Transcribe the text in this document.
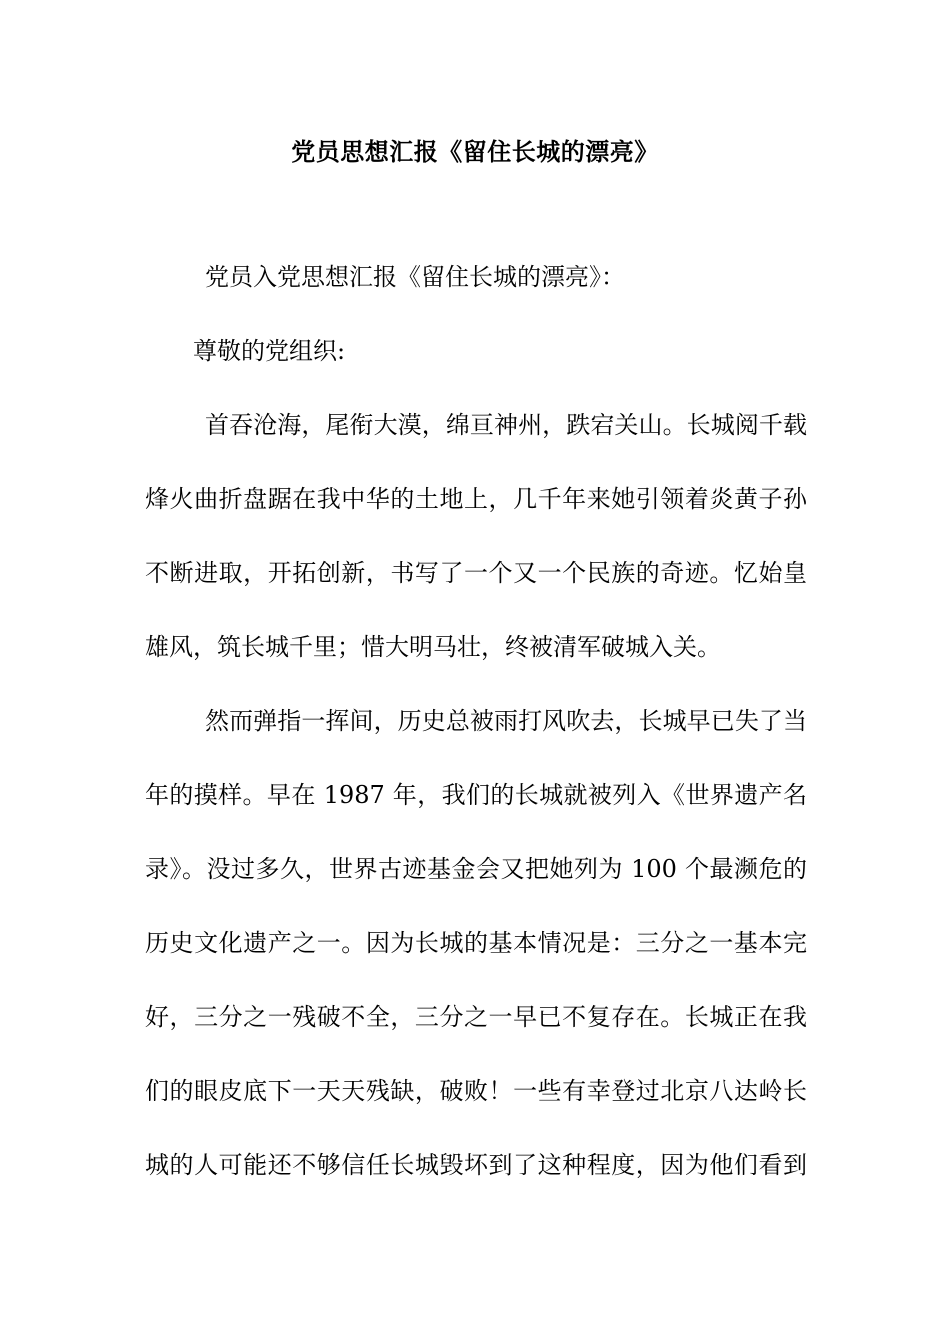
党员思想汇报《留住长城的漂亮》
党员入党思想汇报《留住长城的漂亮》：
尊敬的党组织:
首吞沧海，尾衔大漠，绵亘神州，跌宕关山。长城阅千载
烽火曲折盘踞在我中华的土地上，几千年来她引领着炎黄子孙
不断进取，开拓创新，书写了一个又一个民族的奇迹。忆始皇
雄风，筑长城千里；惜大明马壮，终被清军破城入关。
然而弹指一挥间，历史总被雨打风吹去，长城早已失了当
年的摸样。早在 1987 年，我们的长城就被列入《世界遗产名
录》。没过多久，世界古迹基金会又把她列为 100 个最濒危的
历史文化遗产之一。因为长城的基本情况是：三分之一基本完
好，三分之一残破不全，三分之一早已不复存在。长城正在我
们的眼皮底下一天天残缺，破败！一些有幸登过北京八达岭长
城的人可能还不够信任长城毁坏到了这种程度，因为他们看到
